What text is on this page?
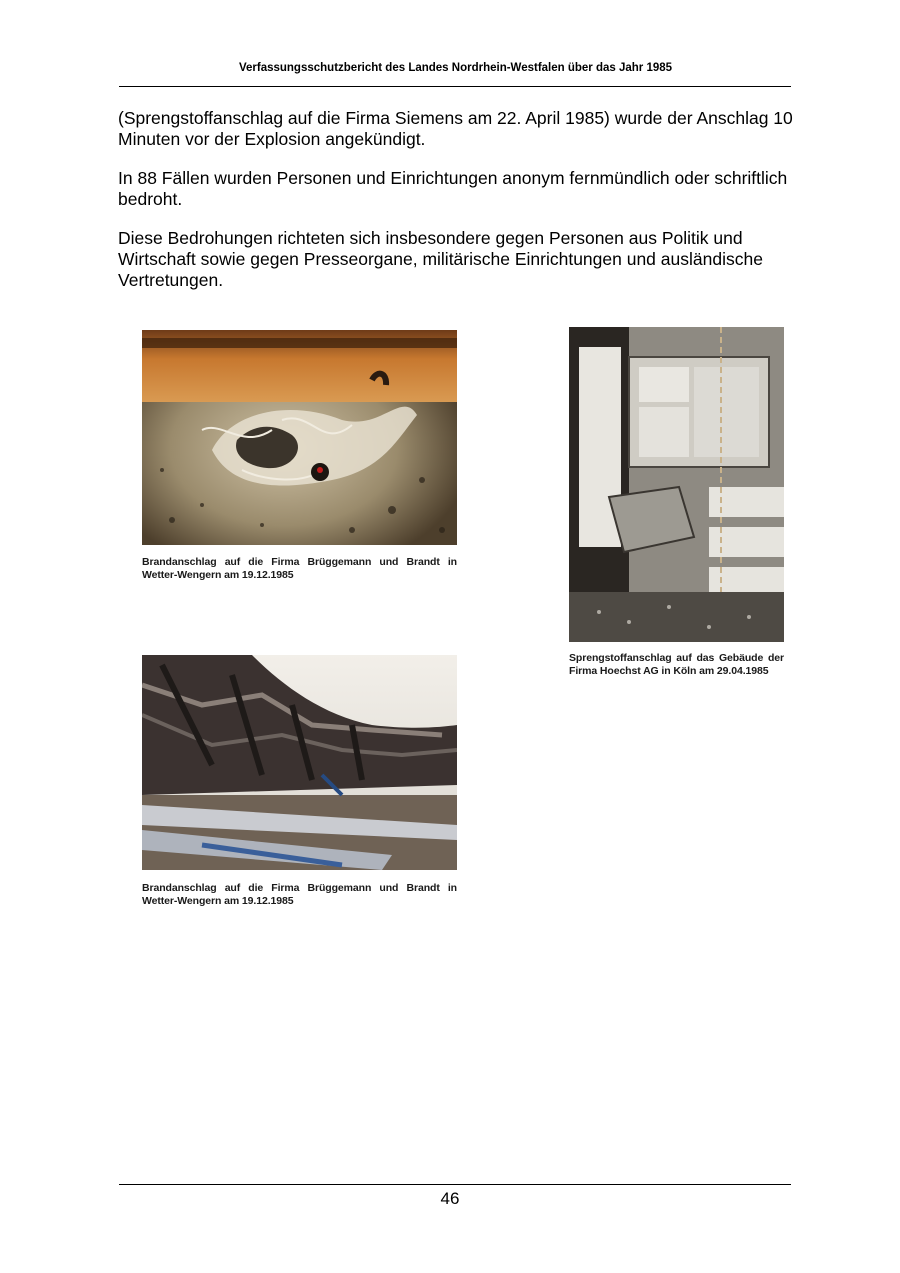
Verfassungsschutzbericht des Landes Nordrhein-Westfalen über das Jahr 1985

(Sprengstoffanschlag auf die Firma Siemens am 22. April 1985) wurde der Anschlag 10 Minuten vor der Explosion angekündigt.

In 88 Fällen wurden Personen und Einrichtungen anonym fernmündlich oder schriftlich bedroht.

Diese Bedrohungen richteten sich insbesondere gegen Personen aus Politik und Wirtschaft sowie gegen Presseorgane, militärische Einrichtungen und ausländische Vertretungen.

Brandanschlag auf die Firma Brüggemann und Brandt in Wetter-Wengern am 19.12.1985

Sprengstoffanschlag auf das Gebäude der Firma Hoechst AG in Köln am 29.04.1985

Brandanschlag auf die Firma Brüggemann und Brandt in Wetter-Wengern am 19.12.1985

46
